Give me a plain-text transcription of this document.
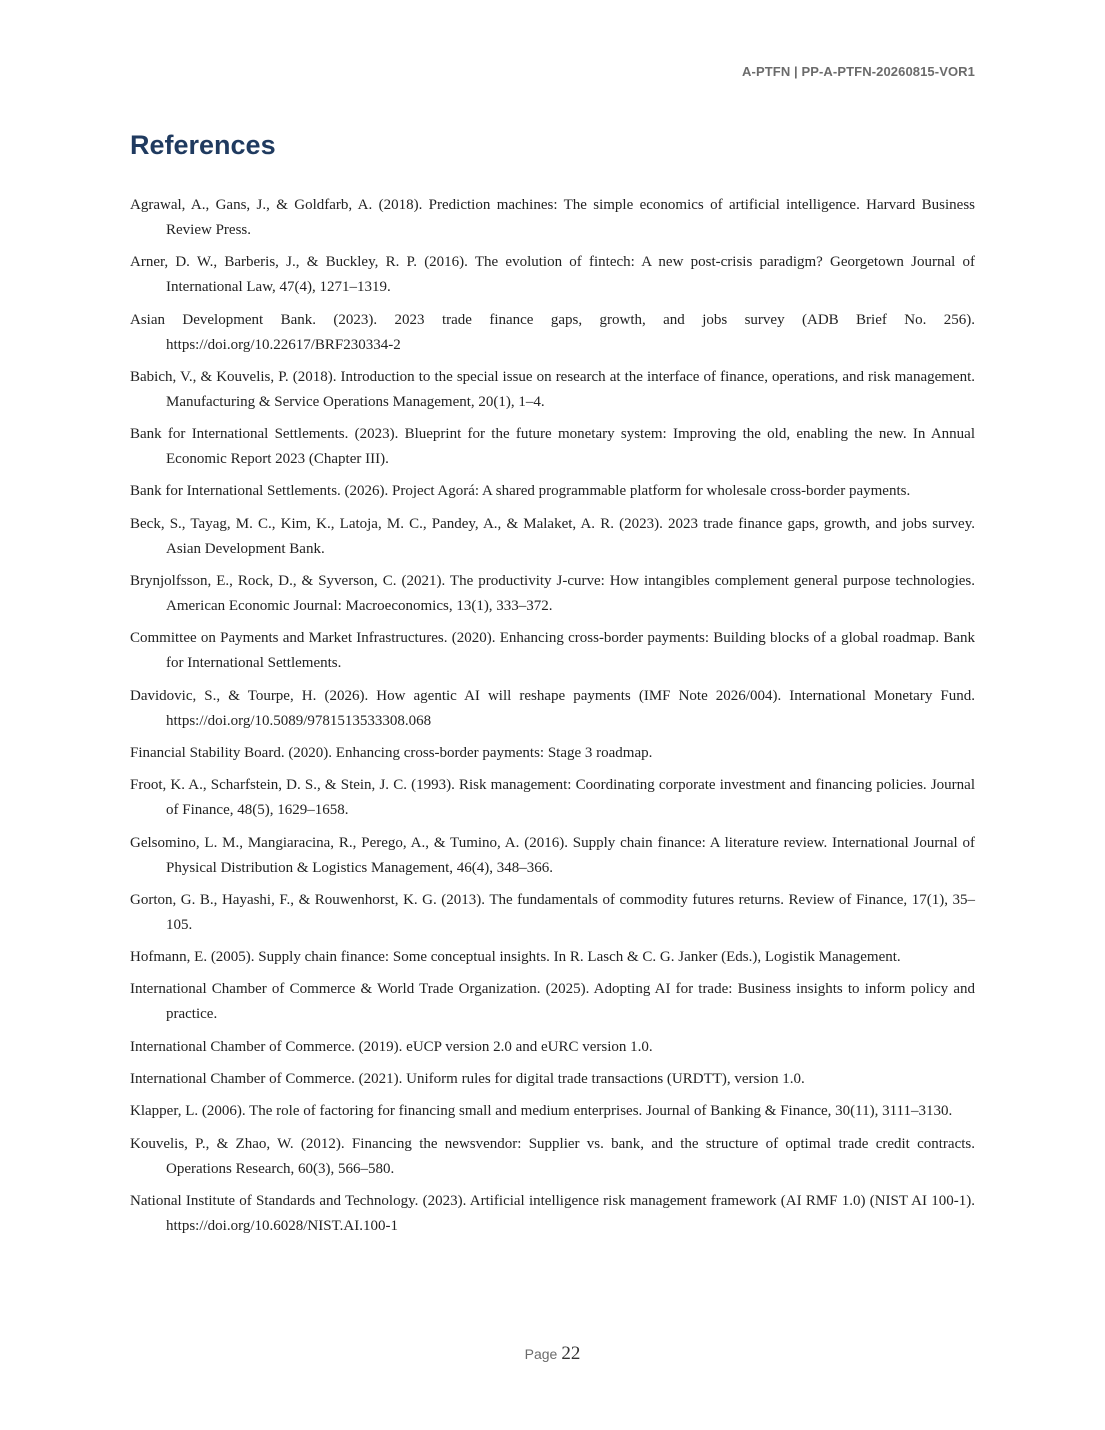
A-PTFN | PP-A-PTFN-20260815-VOR1
References
Agrawal, A., Gans, J., & Goldfarb, A. (2018). Prediction machines: The simple economics of artificial intelligence. Harvard Business Review Press.
Arner, D. W., Barberis, J., & Buckley, R. P. (2016). The evolution of fintech: A new post-crisis paradigm? Georgetown Journal of International Law, 47(4), 1271–1319.
Asian Development Bank. (2023). 2023 trade finance gaps, growth, and jobs survey (ADB Brief No. 256). https://doi.org/10.22617/BRF230334-2
Babich, V., & Kouvelis, P. (2018). Introduction to the special issue on research at the interface of finance, operations, and risk management. Manufacturing & Service Operations Management, 20(1), 1–4.
Bank for International Settlements. (2023). Blueprint for the future monetary system: Improving the old, enabling the new. In Annual Economic Report 2023 (Chapter III).
Bank for International Settlements. (2026). Project Agorá: A shared programmable platform for wholesale cross-border payments.
Beck, S., Tayag, M. C., Kim, K., Latoja, M. C., Pandey, A., & Malaket, A. R. (2023). 2023 trade finance gaps, growth, and jobs survey. Asian Development Bank.
Brynjolfsson, E., Rock, D., & Syverson, C. (2021). The productivity J-curve: How intangibles complement general purpose technologies. American Economic Journal: Macroeconomics, 13(1), 333–372.
Committee on Payments and Market Infrastructures. (2020). Enhancing cross-border payments: Building blocks of a global roadmap. Bank for International Settlements.
Davidovic, S., & Tourpe, H. (2026). How agentic AI will reshape payments (IMF Note 2026/004). International Monetary Fund. https://doi.org/10.5089/9781513533308.068
Financial Stability Board. (2020). Enhancing cross-border payments: Stage 3 roadmap.
Froot, K. A., Scharfstein, D. S., & Stein, J. C. (1993). Risk management: Coordinating corporate investment and financing policies. Journal of Finance, 48(5), 1629–1658.
Gelsomino, L. M., Mangiaracina, R., Perego, A., & Tumino, A. (2016). Supply chain finance: A literature review. International Journal of Physical Distribution & Logistics Management, 46(4), 348–366.
Gorton, G. B., Hayashi, F., & Rouwenhorst, K. G. (2013). The fundamentals of commodity futures returns. Review of Finance, 17(1), 35–105.
Hofmann, E. (2005). Supply chain finance: Some conceptual insights. In R. Lasch & C. G. Janker (Eds.), Logistik Management.
International Chamber of Commerce & World Trade Organization. (2025). Adopting AI for trade: Business insights to inform policy and practice.
International Chamber of Commerce. (2019). eUCP version 2.0 and eURC version 1.0.
International Chamber of Commerce. (2021). Uniform rules for digital trade transactions (URDTT), version 1.0.
Klapper, L. (2006). The role of factoring for financing small and medium enterprises. Journal of Banking & Finance, 30(11), 3111–3130.
Kouvelis, P., & Zhao, W. (2012). Financing the newsvendor: Supplier vs. bank, and the structure of optimal trade credit contracts. Operations Research, 60(3), 566–580.
National Institute of Standards and Technology. (2023). Artificial intelligence risk management framework (AI RMF 1.0) (NIST AI 100-1). https://doi.org/10.6028/NIST.AI.100-1
Page 22
